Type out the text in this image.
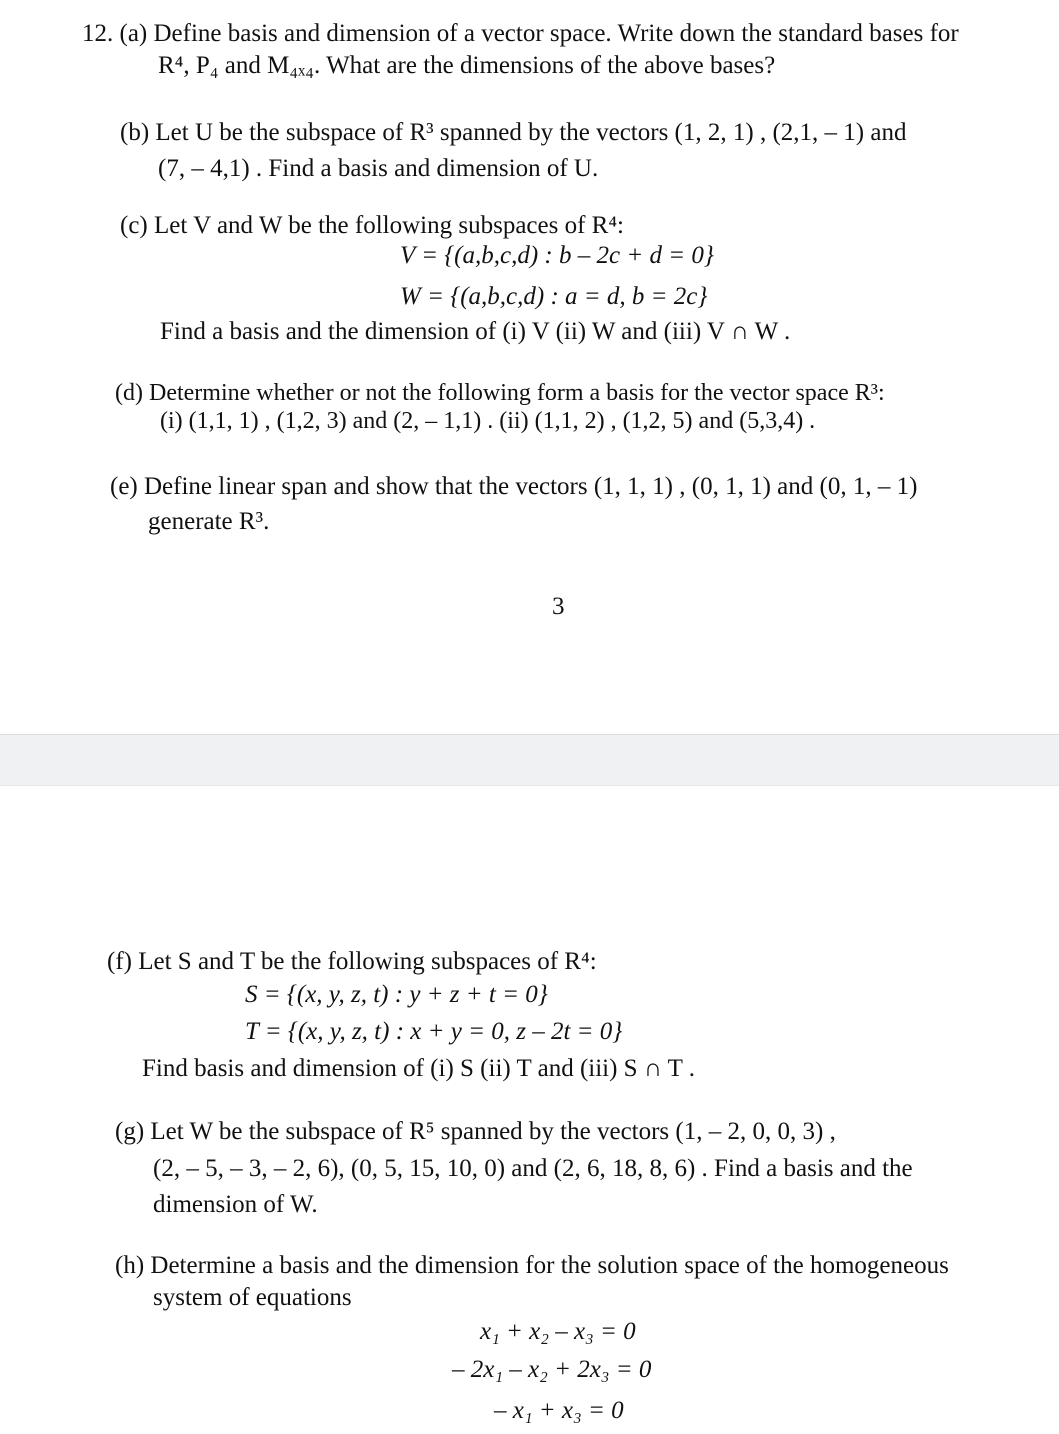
12. (a) Define basis and dimension of a vector space. Write down the standard bases for
R⁴, P₄ and M₄ₓ₄. What are the dimensions of the above bases?
(b) Let U be the subspace of R³ spanned by the vectors (1, 2, 1) , (2,1, – 1) and
(7, – 4,1) . Find a basis and dimension of U.
(c) Let V and W be the following subspaces of R⁴:
V = {(a,b,c,d) : b – 2c + d = 0}
W = {(a,b,c,d) : a = d, b = 2c}
Find a basis and the dimension of (i) V (ii) W and (iii) V ∩ W .
(d) Determine whether or not the following form a basis for the vector space R³:
(i) (1,1, 1) , (1,2, 3) and (2, – 1,1) . (ii) (1,1, 2) , (1,2, 5) and (5,3,4) .
(e) Define linear span and show that the vectors (1, 1, 1) , (0, 1, 1) and (0, 1, – 1)
generate R³.
3
(f) Let S and T be the following subspaces of R⁴:
S = {(x, y, z, t) : y + z + t = 0}
T = {(x, y, z, t) : x + y = 0, z – 2t = 0}
Find basis and dimension of (i) S (ii) T and (iii) S ∩ T .
(g) Let W be the subspace of R⁵ spanned by the vectors (1, – 2, 0, 0, 3) ,
(2, – 5, – 3, – 2, 6), (0, 5, 15, 10, 0) and (2, 6, 18, 8, 6) . Find a basis and the
dimension of W.
(h) Determine a basis and the dimension for the solution space of the homogeneous
system of equations
x₁ + x₂ – x₃ = 0
– 2x₁ – x₂ + 2x₃ = 0
– x₁ + x₃ = 0
